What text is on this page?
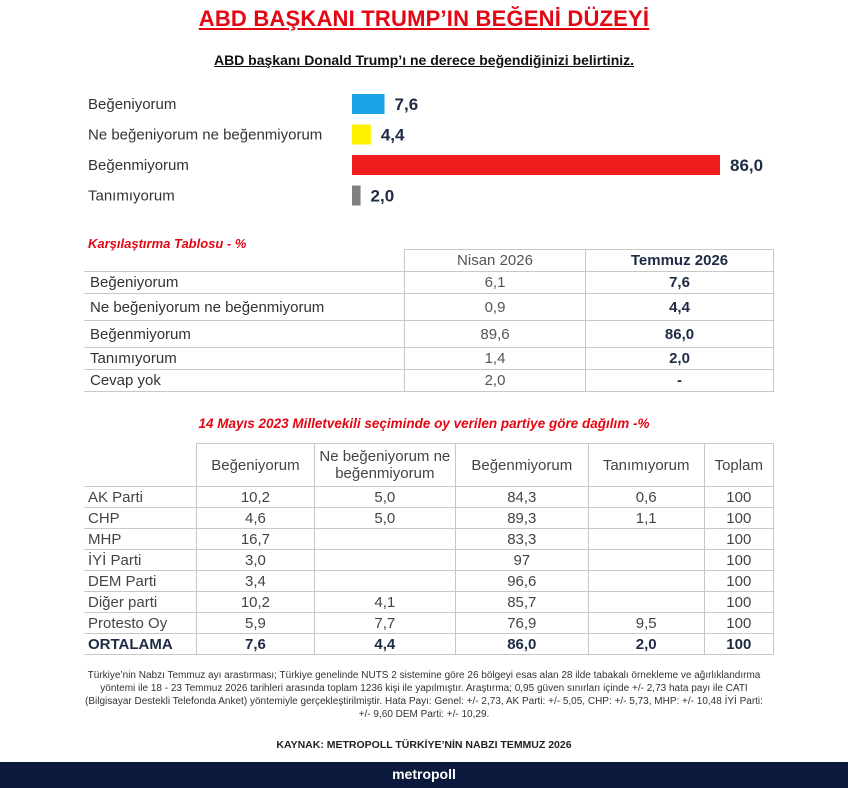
ABD BAŞKANI TRUMP’IN BEĞENİ DÜZEYİ
ABD başkanı Donald Trump’ı ne derece beğendiğinizi belirtiniz.
Beğeniyorum	7,6
Ne beğeniyorum ne beğenmiyorum	4,4
Beğenmiyorum	86,0
Tanımıyorum	2,0
Karşılaştırma Tablosu - %
	Nisan 2026	Temmuz 2026
Beğeniyorum	6,1	7,6
Ne beğeniyorum ne beğenmiyorum	0,9	4,4
Beğenmiyorum	89,6	86,0
Tanımıyorum	1,4	2,0
Cevap yok	2,0	-
14 Mayıs 2023 Milletvekili seçiminde oy verilen partiye göre dağılım -%
	Beğeniyorum	Ne beğeniyorum ne beğenmiyorum	Beğenmiyorum	Tanımıyorum	Toplam
AK Parti	10,2	5,0	84,3	0,6	100
CHP	4,6	5,0	89,3	1,1	100
MHP	16,7		83,3		100
İYİ Parti	3,0		97		100
DEM Parti	3,4		96,6		100
Diğer parti	10,2	4,1	85,7		100
Protesto Oy	5,9	7,7	76,9	9,5	100
ORTALAMA	7,6	4,4	86,0	2,0	100
Türkiye’nin Nabzı Temmuz ayı arastırması; Türkiye genelinde NUTS 2 sistemine göre 26 bölgeyi esas alan 28 ilde tabakalı örnekleme ve ağırlıklandırma yöntemi ile 18 - 23 Temmuz 2026 tarihleri arasında toplam 1236 kişi ile yapılmıştır. Araştırma; 0,95 güven sınırları içinde +/- 2,73 hata payı ile CATI (Bilgisayar Destekli Telefonda Anket) yöntemiyle gerçekleştirilmiştir. Hata Payı: Genel: +/- 2,73, AK Parti: +/- 5,05, CHP: +/- 5,73, MHP: +/- 10,48 İYİ Parti: +/- 9,60 DEM Parti: +/- 10,29.
KAYNAK: METROPOLL TÜRKİYE’NİN NABZI TEMMUZ 2026
metropoll
